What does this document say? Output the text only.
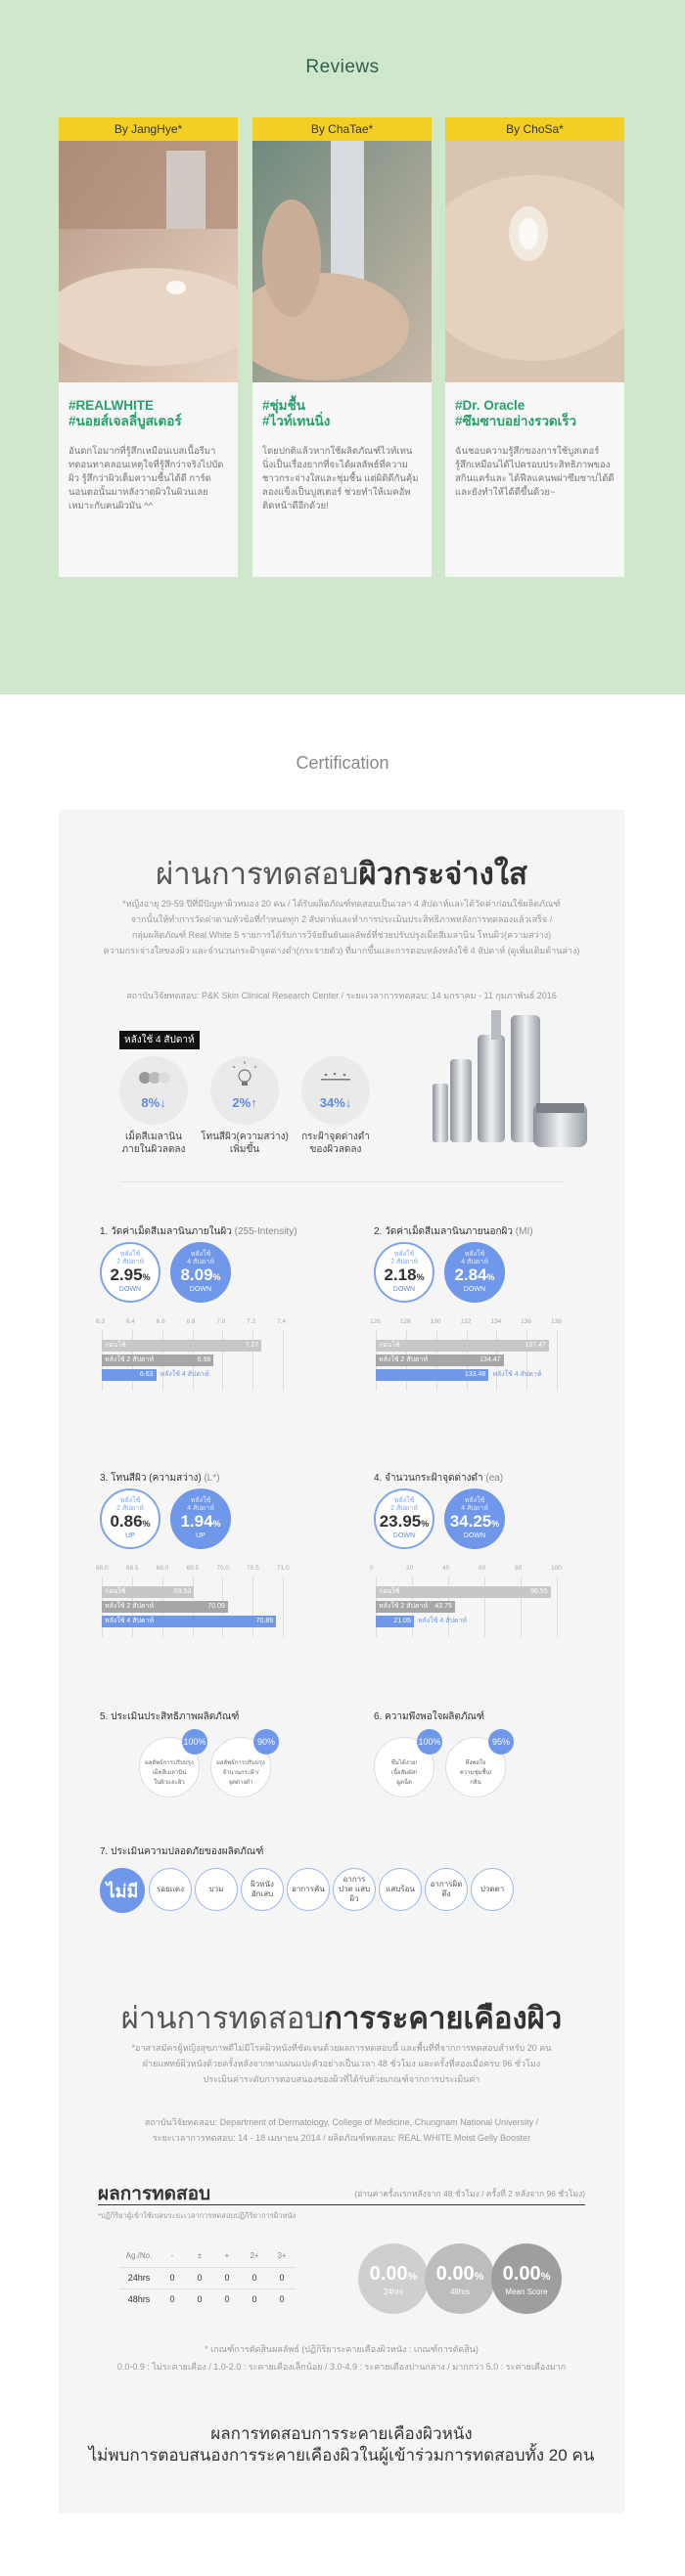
Reviews
By JangHye*
#REALWHITE
#นอยส์เจลลี่บูสเตอร์
อันดกโอมากที่รู้สึกเหมือนเบสเนื้อรีมา ทดอนทาคลอนเหตุใจที่รู้สึกว่าจริงไปบัดผิว รู้สึกว่าผิวเต็มความชื้นได้ดี การ์ดนอนตอนั้นมาหลังวาดผิวในผิวนเลย เหมาะกับคนผิวมัน ^^
By ChaTae*
#ชุ่มชื้น
#ไวท์เทนนิ่ง
โดยปกติแล้วหากใช้ผลิตภัณฑ์ไวท์เทนนิ่งเป็นเรื่องยากที่จะได้ผลลัพธ์ที่ความชาวกระจ่างใสและชุ่มชื้น แต่ผิดิดีกันคุ้มลองแข็งเป็นบูสเตอร์ ช่วยทำให้เมคอัพติดหน้าดีอีกด้วย!
By ChoSa*
#Dr. Oracle
#ซึมซาบอย่างรวดเร็ว
ฉันชอบความรู้สึกของการใช้บูสเตอร์ รู้สึกเหมือนได้ไปครอบประสิทธิภาพของสกินแคร์และ ได้ฟีลแคนพผ่าซึมซาบได้ดีและยังทำให้ได้ดีขึ้นด้วย~
Certification
ผ่านการทดสอบผิวกระจ่างใส
*หญิงอายุ 29-59 ปีที่มีปัญหาผิวหมอง 20 คน / ได้รับผลิตภัณฑ์ทดสอบเป็นเวลา 4 สัปดาห์และได้วัดค่าก่อนใช้ผลิตภัณฑ์
จากนั้นให้ทำการวัดค่าตามหัวข้อที่กำหนดทุก 2 สัปดาห์และทำการประเมินประสิทธิภาพหลังการทดลองแล้วเสร็จ /
กลุ่มผลิตภัณฑ์ Real White 5 รายการได้รับการวิจัยยืนยันผลลัพธ์ที่ช่วยปรับปรุงเม็ดสีเมลานิน โทนผิว(ความสว่าง)
ความกระจ่างใสของผิว และจำนวนกระฝ้าจุดด่างดำ(กระจายตัว) ที่มากขึ้นและการตอบหลังหลังใช้ 4 สัปดาห์ (ดูเพิ่มเติมด้านล่าง)
สถาบันวิจัยทดสอบ: P&K Skin Clinical Research Center / ระยะเวลาการทดสอบ: 14 มกราคม - 11 กุมภาพันธ์ 2016
หลังใช้ 4 สัปดาห์
8%↓	2%↑	34%↓
เม็ดสีเมลานิน
ภายในผิวลดลง
โทนสีผิว(ความสว่าง)
เพิ่มขึ้น
กระฝ้าจุดด่างดำ
ของผิวลดลง
1. วัดค่าเม็ดสีเมลานินภายในผิว (255-Intensity)
หลังใช้
2 สัปดาห์
2.95%
DOWN
หลังใช้
4 สัปดาห์
8.09%
DOWN
6.3	6.4	6.6	6.8	7.0	7.2	7.4
ก่อนใช้	7.27
หลังใช้ 2 สัปดาห์	6.98
หลังใช้ 4 สัปดาห์
6.63
2. วัดค่าเม็ดสีเมลานินภายนอกผิว (MI)
หลังใช้
2 สัปดาห์
2.18%
DOWN
หลังใช้
4 สัปดาห์
2.84%
DOWN
126	128	130	132	134	136	138
ก่อนใช้	137.47
หลังใช้ 2 สัปดาห์	134.47
หลังใช้ 4 สัปดาห์
133.48
3. โทนสีผิว (ความสว่าง) (L*)
หลังใช้
2 สัปดาห์
0.86%
UP
หลังใช้
4 สัปดาห์
1.94%
UP
68.0	68.5	69.0	69.5	70.0	70.5	71.0
ก่อนใช้	69.53
หลังใช้ 2 สัปดาห์	70.09
หลังใช้ 4 สัปดาห์	70.89
4. จำนวนกระฝ้าจุดด่างดำ (ea)
หลังใช้
2 สัปดาห์
23.95%
DOWN
หลังใช้
4 สัปดาห์
34.25%
DOWN
0	20	40	60	80	100
ก่อนใช้	96.55
หลังใช้ 2 สัปดาห์ 43.75
หลังใช้ 4 สัปดาห์
21.05
5. ประเมินประสิทธิภาพผลิตภัณฑ์
ผลลัพธ์การปรับปรุง
เม็ดสีเมลานิน
ในผิวและผิว
100%
ผลลัพธ์การปรับปรุง
จำนวนกระฝ้า/
จุดด่างดำ
90%
6. ความพึงพอใจผลิตภัณฑ์
ซึมได้ง่าย/
เนื้อสัมผัส/
ฉูดฉีด
100%
พึงพอใจ
ความชุ่มชื้น/
กลิ่น
95%
7. ประเมินความปลอดภัยของผลิตภัณฑ์
ไม่มี	รอยแดง	บวม
ผิวหนังอักเสบ
อาการคัน
อาการปวด แสบผิว
แสบร้อน
อาการผิดตึง
ปวดตา
ผ่านการทดสอบการระคายเคืองผิว
*อาสาสมัครผู้หญิงสุขภาพดีไม่มีโรคผิวหนังที่ชัดเจนด้วยผลการทดสอบนี้ และพื้นที่ที่จากการทดสอบสำหรับ 20 คน
ฝ่ายแพทย์ผิวหนังด้วยครั้งหลังจากทาแผ่นแปะตัวอย่างเป็นเวลา 48 ชั่วโมง และครั้งที่สองเมื่อครบ 96 ชั่วโมง
ประเมินค่าระดับการตอบสนองของผิวที่ได้รับด้วยเกณฑ์จากการประเมินค่า
สถาบันวิจัยทดสอบ: Department of Dermatology, College of Medicine, Chungnam National University /
ระยะเวลาการทดสอบ: 14 - 18 เมษายน 2014 / ผลิตภัณฑ์ทดสอบ: REAL WHITE Moist Gelly Booster
ผลการทดสอบ	(อ่านค่าครั้งแรกหลังจาก 48 ชั่วโมง / ครั้งที่ 2 หลังจาก 96 ชั่วโมง)
*ปฏิกิริยาผู้เข้าใช้เบลบระยะเวลาการทดสอบปฏิกิริยาการผิวหนัง
Ag./No.	-	±	+	2+	3+
24hrs	0	0	0	0	0
48hrs	0	0	0	0	0
0.00%
24hrs
0.00%
48hrs
0.00%
Mean Score
* เกณฑ์การตัดสินผลลัพธ์ (ปฏิกิริยาระคายเคืองผิวหนัง : เกณฑ์การตัดสิน)
0.0-0.9 : ไม่ระคายเคือง / 1.0-2.0 : ระคายเคืองเล็กน้อย / 3.0-4.9 : ระคายเคืองปานกลาง / มากกว่า 5.0 : ระคายเคืองมาก
ผลการทดสอบการระคายเคืองผิวหนัง
ไม่พบการตอบสนองการระคายเคืองผิวในผู้เข้าร่วมการทดสอบทั้ง 20 คน
